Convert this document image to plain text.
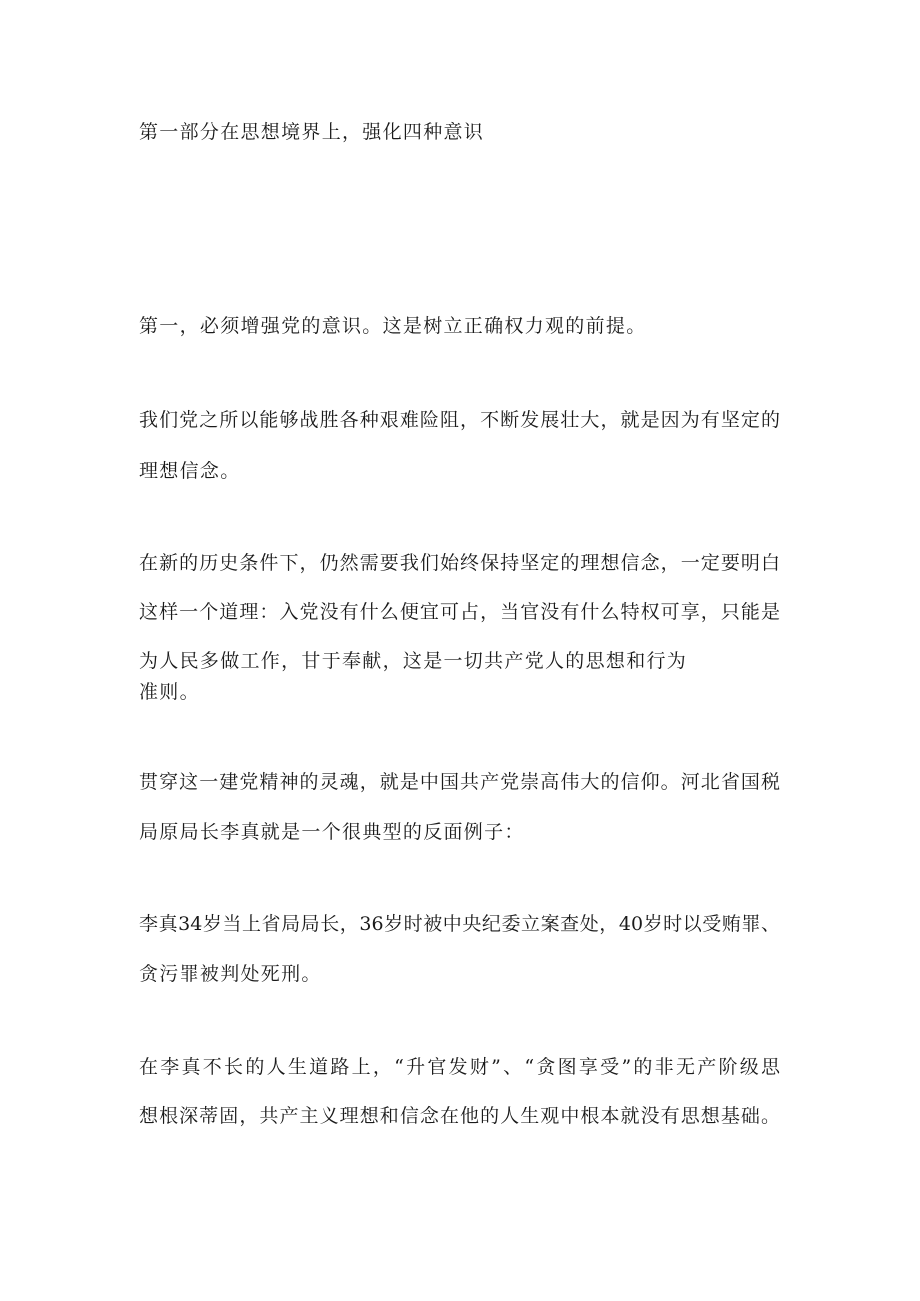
第一部分在思想境界上，强化四种意识
第一，必须增强党的意识。这是树立正确权力观的前提。
我们党之所以能够战胜各种艰难险阻，不断发展壮大，就是因为有坚定的
理想信念。
在新的历史条件下，仍然需要我们始终保持坚定的理想信念，一定要明白
这样一个道理：入党没有什么便宜可占，当官没有什么特权可享，只能是
为人民多做工作，甘于奉献，这是一切共产党人的思想和行为
准则。
贯穿这一建党精神的灵魂，就是中国共产党崇高伟大的信仰。河北省国税
局原局长李真就是一个很典型的反面例子：
李真34岁当上省局局长，36岁时被中央纪委立案查处，40岁时以受贿罪、
贪污罪被判处死刑。
在李真不长的人生道路上，“升官发财”、“贪图享受”的非无产阶级思
想根深蒂固，共产主义理想和信念在他的人生观中根本就没有思想基础。
